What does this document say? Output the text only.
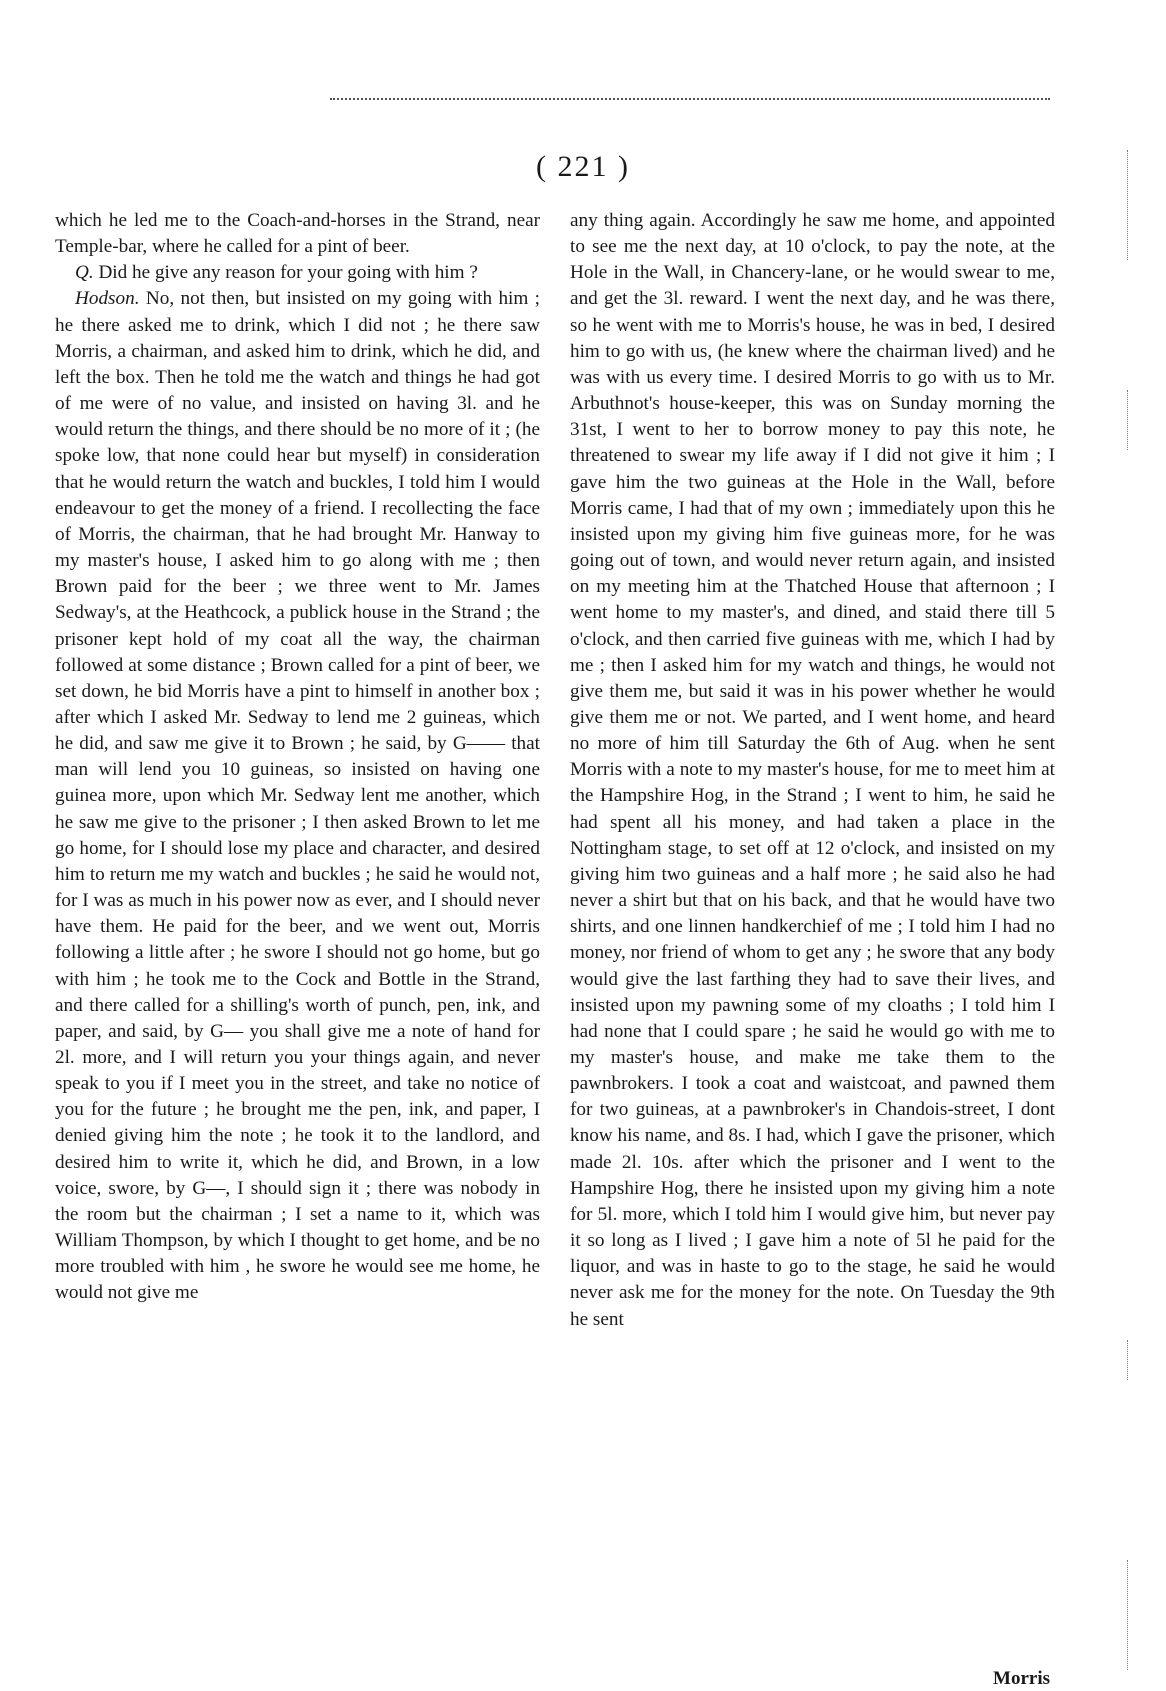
( 221 )

which he led me to the Coach-and-horses in the Strand, near Temple-bar, where he called for a pint of beer.

Q. Did he give any reason for your going with him ?

Hodson. No, not then, but insisted on my going with him ; he there asked me to drink, which I did not ; he there saw Morris, a chairman, and asked him to drink, which he did, and left the box. Then he told me the watch and things he had got of me were of no value, and insisted on having 3l. and he would return the things, and there should be no more of it ; (he spoke low, that none could hear but myself) in consideration that he would return the watch and buckles, I told him I would endeavour to get the money of a friend. I recollecting the face of Morris, the chairman, that he had brought Mr. Hanway to my master's house, I asked him to go along with me ; then Brown paid for the beer ; we three went to Mr. James Sedway's, at the Heathcock, a publick house in the Strand ; the prisoner kept hold of my coat all the way, the chairman followed at some distance ; Brown called for a pint of beer, we set down, he bid Morris have a pint to himself in another box ; after which I asked Mr. Sedway to lend me 2 guineas, which he did, and saw me give it to Brown ; he said, by G—— that man will lend you 10 guineas, so insisted on having one guinea more, upon which Mr. Sedway lent me another, which he saw me give to the prisoner ; I then asked Brown to let me go home, for I should lose my place and character, and desired him to return me my watch and buckles ; he said he would not, for I was as much in his power now as ever, and I should never have them. He paid for the beer, and we went out, Morris following a little after ; he swore I should not go home, but go with him ; he took me to the Cock and Bottle in the Strand, and there called for a shilling's worth of punch, pen, ink, and paper, and said, by G— you shall give me a note of hand for 2l. more, and I will return you your things again, and never speak to you if I meet you in the street, and take no notice of you for the future ; he brought me the pen, ink, and paper, I denied giving him the note ; he took it to the landlord, and desired him to write it, which he did, and Brown, in a low voice, swore, by G—, I should sign it ; there was nobody in the room but the chairman ; I set a name to it, which was William Thompson, by which I thought to get home, and be no more troubled with him , he swore he would see me home, he would not give me

any thing again. Accordingly he saw me home, and appointed to see me the next day, at 10 o'clock, to pay the note, at the Hole in the Wall, in Chancery-lane, or he would swear to me, and get the 3l. reward. I went the next day, and he was there, so he went with me to Morris's house, he was in bed, I desired him to go with us, (he knew where the chairman lived) and he was with us every time. I desired Morris to go with us to Mr. Arbuthnot's house-keeper, this was on Sunday morning the 31st, I went to her to borrow money to pay this note, he threatened to swear my life away if I did not give it him ; I gave him the two guineas at the Hole in the Wall, before Morris came, I had that of my own ; immediately upon this he insisted upon my giving him five guineas more, for he was going out of town, and would never return again, and insisted on my meeting him at the Thatched House that afternoon ; I went home to my master's, and dined, and staid there till 5 o'clock, and then carried five guineas with me, which I had by me ; then I asked him for my watch and things, he would not give them me, but said it was in his power whether he would give them me or not. We parted, and I went home, and heard no more of him till Saturday the 6th of Aug. when he sent Morris with a note to my master's house, for me to meet him at the Hampshire Hog, in the Strand ; I went to him, he said he had spent all his money, and had taken a place in the Nottingham stage, to set off at 12 o'clock, and insisted on my giving him two guineas and a half more ; he said also he had never a shirt but that on his back, and that he would have two shirts, and one linnen handkerchief of me ; I told him I had no money, nor friend of whom to get any ; he swore that any body would give the last farthing they had to save their lives, and insisted upon my pawning some of my cloaths ; I told him I had none that I could spare ; he said he would go with me to my master's house, and make me take them to the pawnbrokers. I took a coat and waistcoat, and pawned them for two guineas, at a pawnbroker's in Chandois-street, I dont know his name, and 8s. I had, which I gave the prisoner, which made 2l. 10s. after which the prisoner and I went to the Hampshire Hog, there he insisted upon my giving him a note for 5l. more, which I told him I would give him, but never pay it so long as I lived ; I gave him a note of 5l he paid for the liquor, and was in haste to go to the stage, he said he would never ask me for the money for the note. On Tuesday the 9th he sent

Morris
